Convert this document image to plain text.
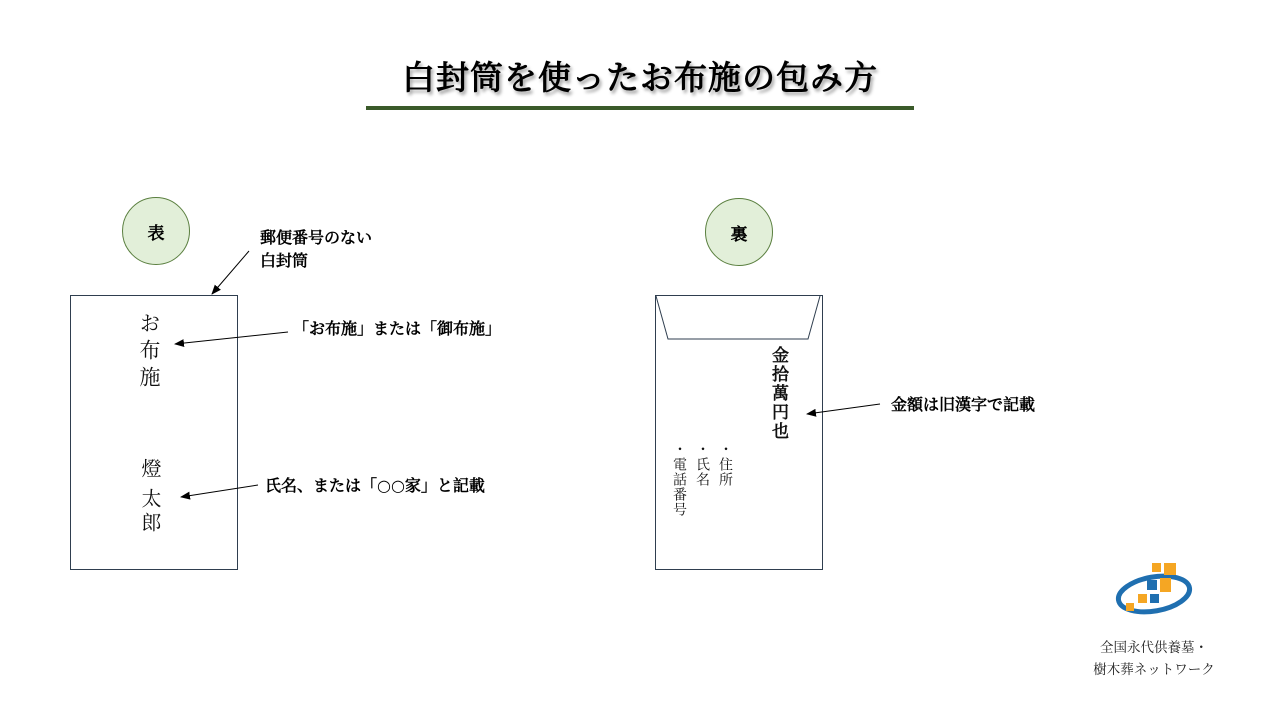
白封筒を使ったお布施の包み方
表
お布施
燈
太郎
裏
金拾萬円也
・住所
・氏名
・電話番号
郵便番号のない
白封筒
「お布施」または「御布施」
氏名、または「○○家」と記載
金額は旧漢字で記載
全国永代供養墓・
樹木葬ネットワーク
